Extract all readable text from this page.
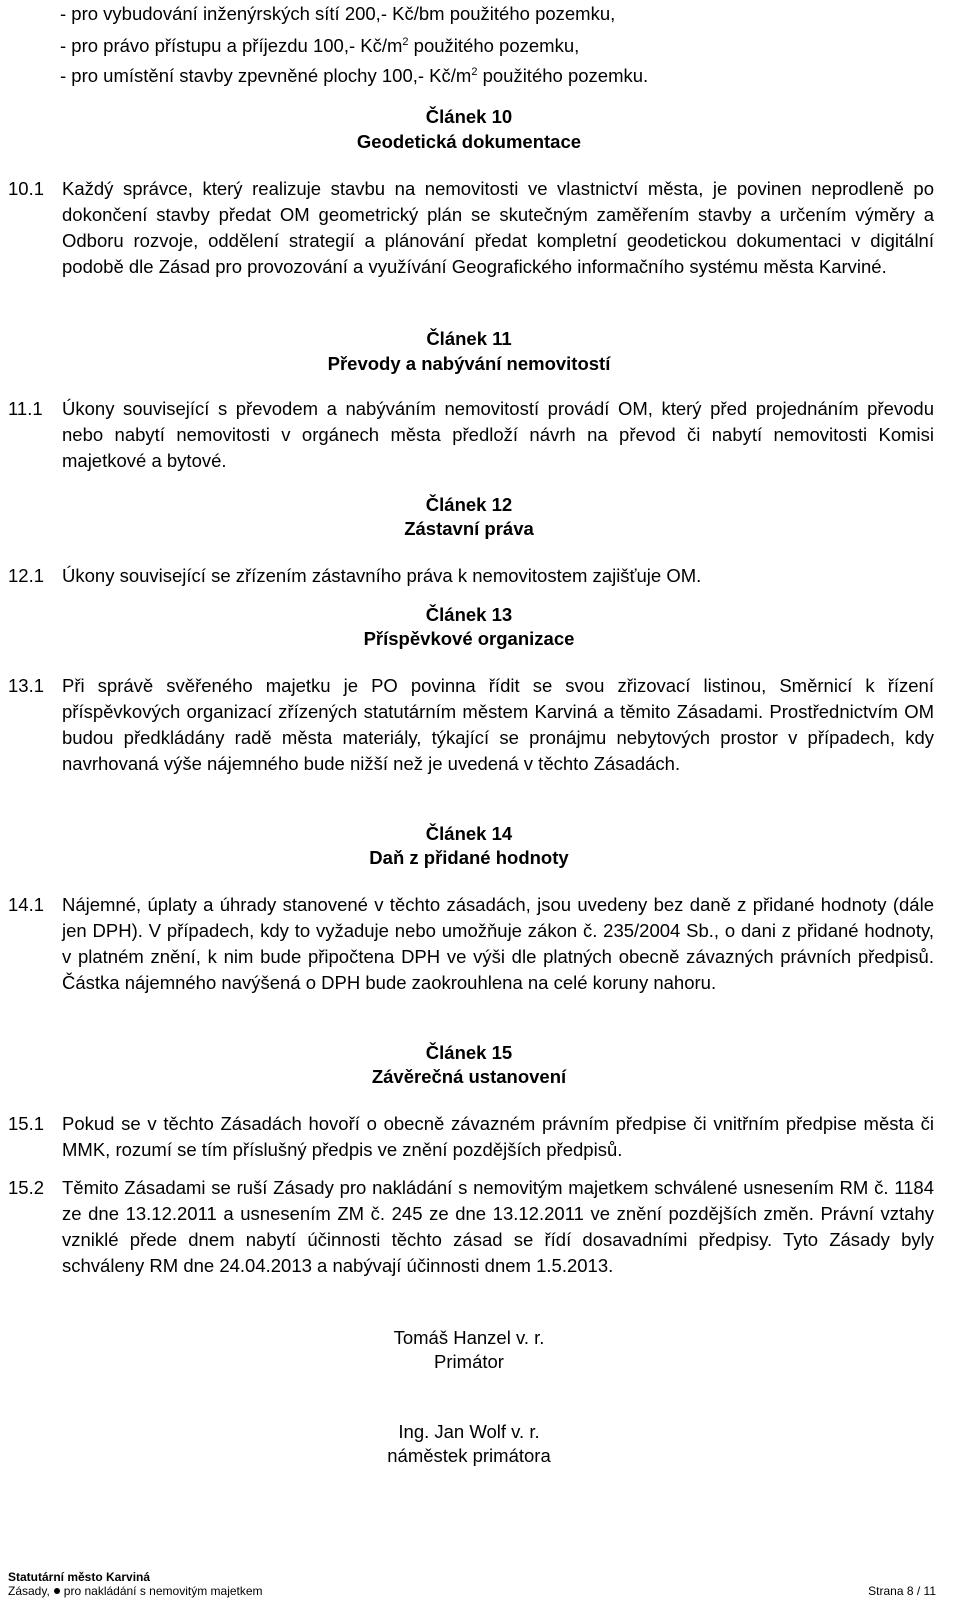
- pro vybudování inženýrských sítí 200,- Kč/bm použitého pozemku,
- pro právo přístupu a příjezdu 100,- $Kč/m^2$ použitého pozemku,
- pro umístění stavby zpevněné plochy 100,- $Kč/m^2$ použitého pozemku.
Článek 10
Geodetická dokumentace
10.1 Každý správce, který realizuje stavbu na nemovitosti ve vlastnictví města, je povinen neprodleně po dokončení stavby předat OM geometrický plán se skutečným zaměřením stavby a určením výměry a Odboru rozvoje, oddělení strategií a plánování předat kompletní geodetickou dokumentaci v digitální podobě dle Zásad pro provozování a využívání Geografického informačního systému města Karviné.
Článek 11
Převody a nabývání nemovitostí
11.1 Úkony související s převodem a nabýváním nemovitostí provádí OM, který před projednáním převodu nebo nabytí nemovitosti v orgánech města předloží návrh na převod či nabytí nemovitosti Komisi majetkové a bytové.
Článek 12
Zástavní práva
12.1 Úkony související se zřízením zástavního práva k nemovitostem zajišťuje OM.
Článek 13
Příspěvkové organizace
13.1 Při správě svěřeného majetku je PO povinna řídit se svou zřizovací listinou, Směrnicí k řízení příspěvkových organizací zřízených statutárním městem Karviná a těmito Zásadami. Prostřednictvím OM budou předkládány radě města materiály, týkající se pronájmu nebytových prostor v případech, kdy navrhovaná výše nájemného bude nižší než je uvedená v těchto Zásadách.
Článek 14
Daň z přidané hodnoty
14.1 Nájemné, úplaty a úhrady stanovené v těchto zásadách, jsou uvedeny bez daně z přidané hodnoty (dále jen DPH). V případech, kdy to vyžaduje nebo umožňuje zákon č. 235/2004 Sb., o dani z přidané hodnoty, v platném znění, k nim bude připočtena DPH ve výši dle platných obecně závazných právních předpisů. Částka nájemného navýšená o DPH bude zaokrouhlena na celé koruny nahoru.
Článek 15
Závěrečná ustanovení
15.1 Pokud se v těchto Zásadách hovoří o obecně závazném právním předpise či vnitřním předpise města či MMK, rozumí se tím příslušný předpis ve znění pozdějších předpisů.
15.2 Těmito Zásadami se ruší Zásady pro nakládání s nemovitým majetkem schválené usnesením RM č. 1184 ze dne 13.12.2011 a usnesením ZM č. 245 ze dne 13.12.2011 ve znění pozdějších změn. Právní vztahy vzniklé přede dnem nabytí účinnosti těchto zásad se řídí dosavadními předpisy. Tyto Zásady byly schváleny RM dne 24.04.2013 a nabývají účinnosti dnem 1.5.2013.
Tomáš Hanzel v. r.
Primátor
Ing. Jan Wolf v. r.
náměstek primátora
Statutární město Karviná
Zásady, pro nakládání s nemovitým majetkem	Strana 8 / 11
